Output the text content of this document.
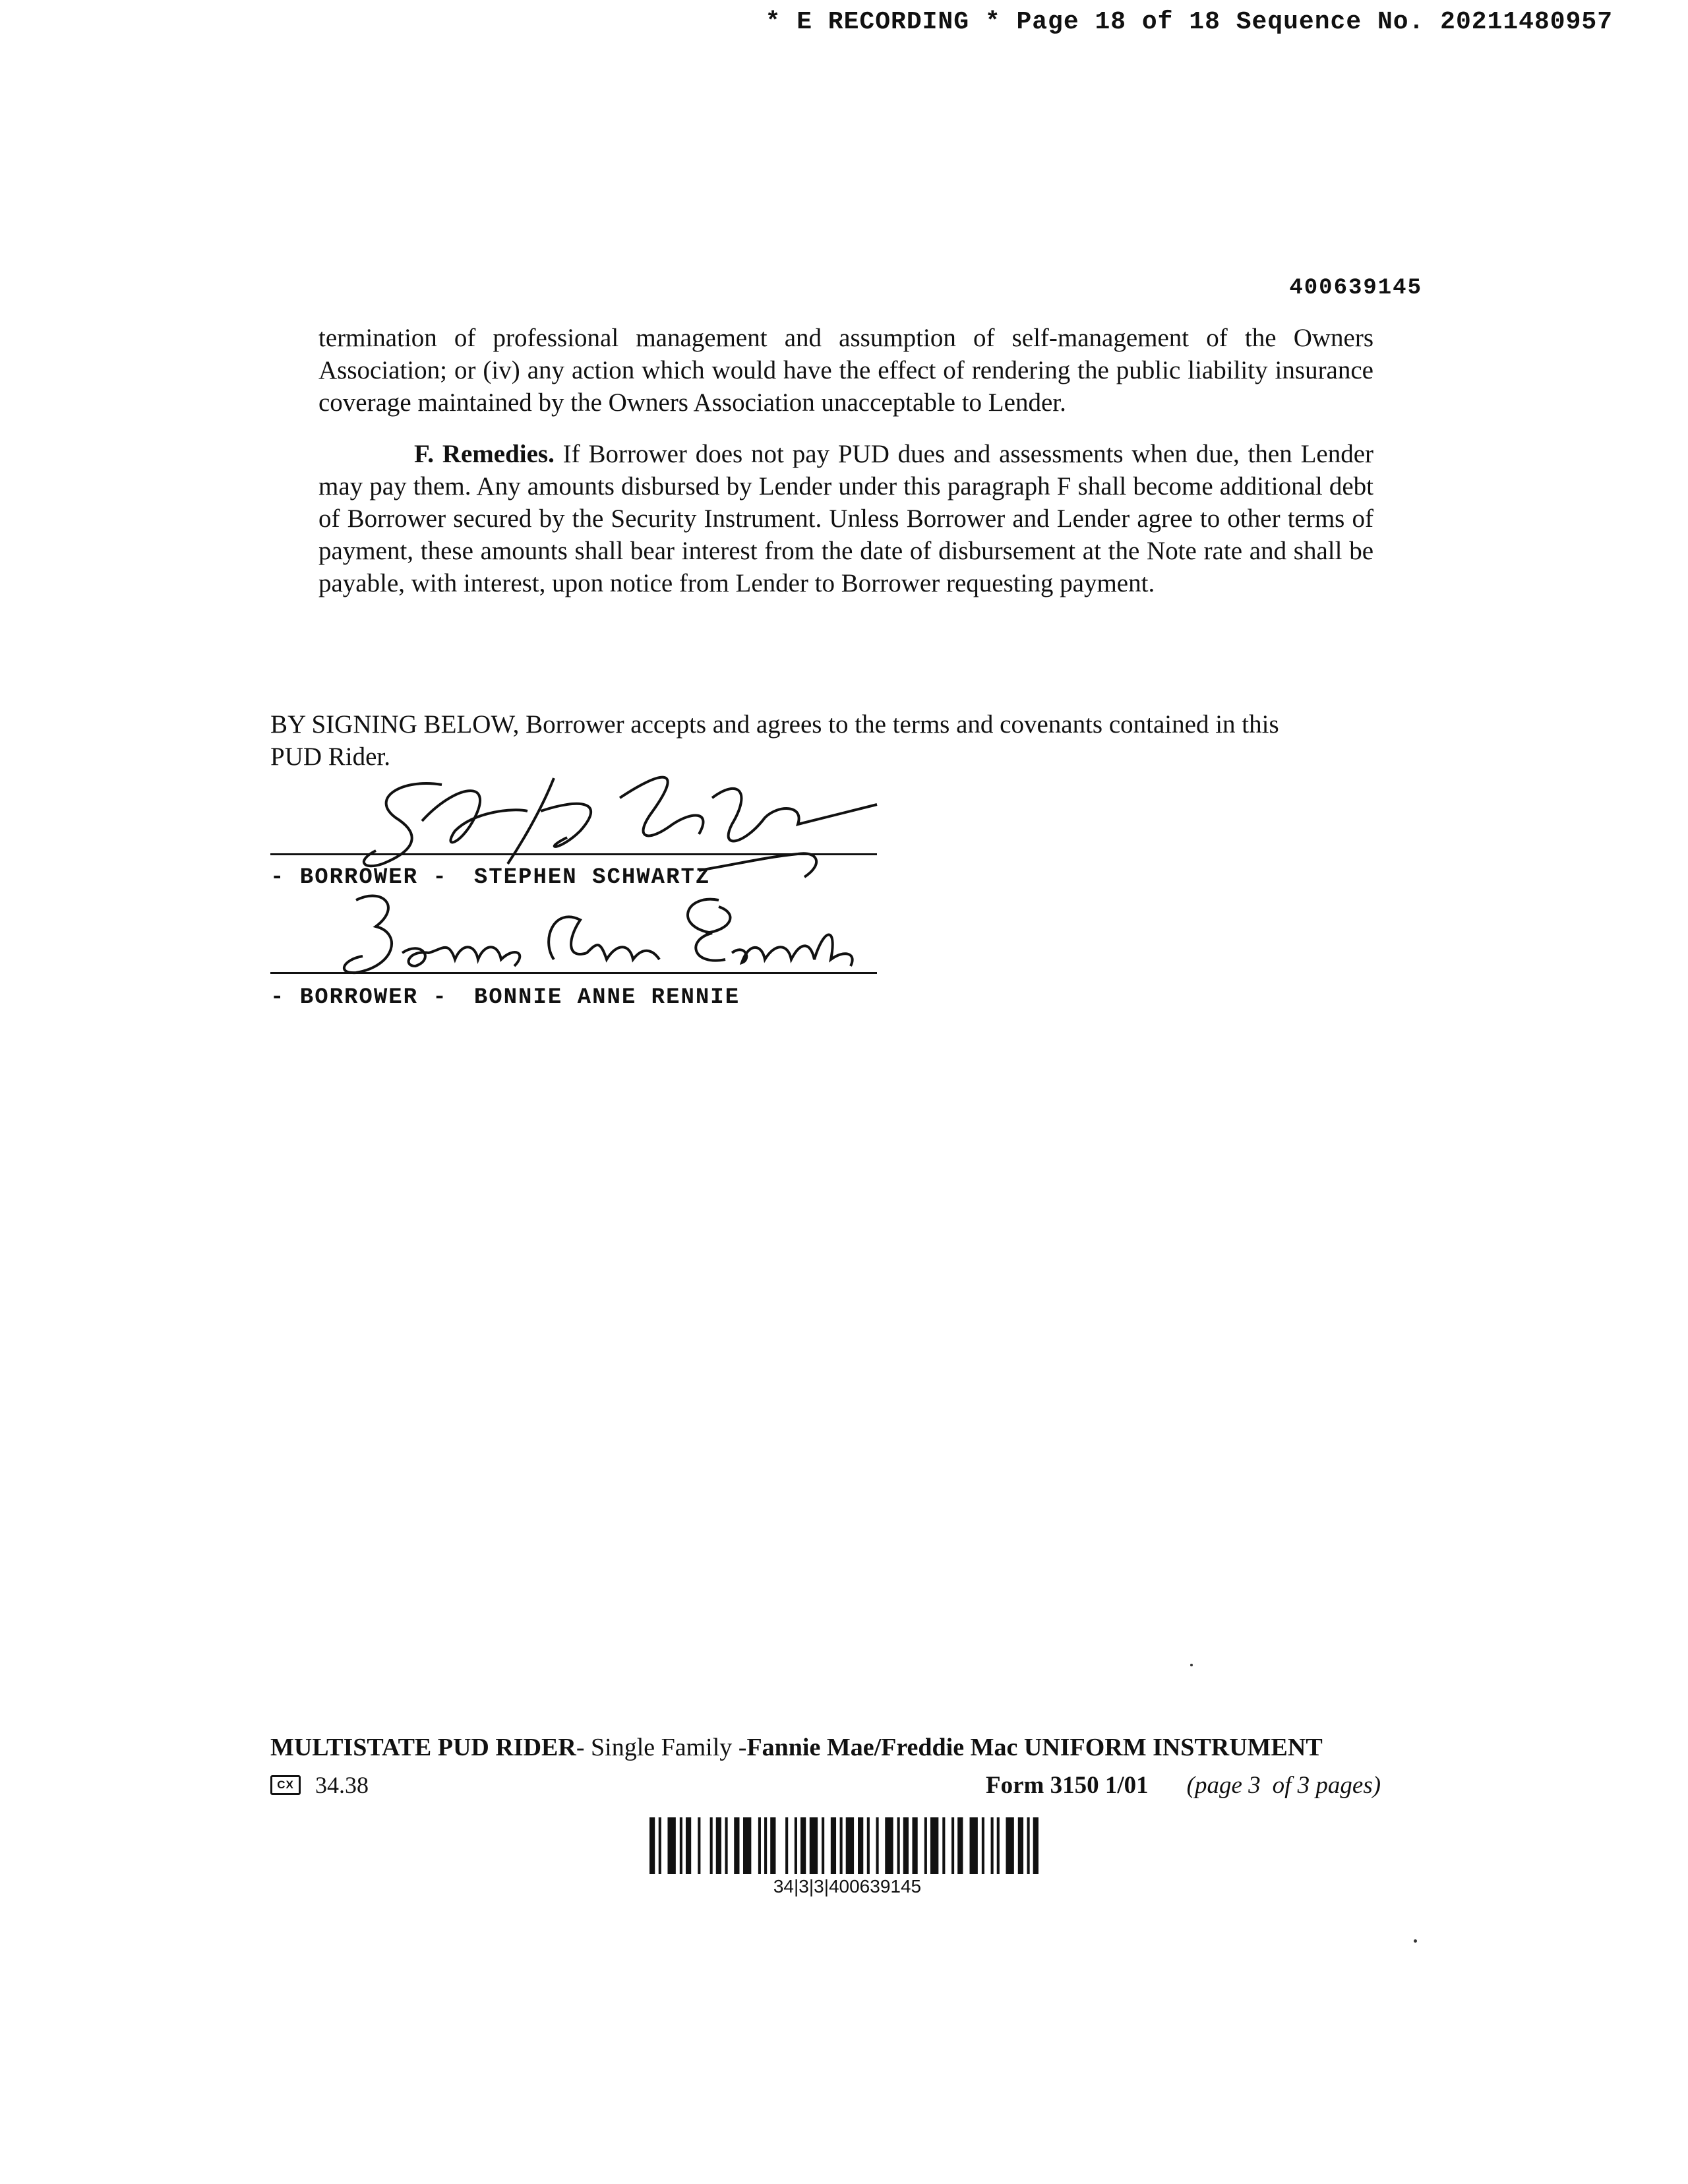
* E RECORDING * Page 18 of 18 Sequence No. 20211480957
400639145
termination of professional management and assumption of self-management of the Owners Association; or (iv) any action which would have the effect of rendering the public liability insurance coverage maintained by the Owners Association unacceptable to Lender.
F. Remedies. If Borrower does not pay PUD dues and assessments when due, then Lender may pay them. Any amounts disbursed by Lender under this paragraph F shall become additional debt of Borrower secured by the Security Instrument. Unless Borrower and Lender agree to other terms of payment, these amounts shall bear interest from the date of disbursement at the Note rate and shall be payable, with interest, upon notice from Lender to Borrower requesting payment.
BY SIGNING BELOW, Borrower accepts and agrees to the terms and covenants contained in this
PUD Rider.
- BORROWER - STEPHEN SCHWARTZ
- BORROWER - BONNIE ANNE RENNIE
MULTISTATE PUD RIDER- Single Family -Fannie Mae/Freddie Mac UNIFORM INSTRUMENT
CX 34.38	Form 3150 1/01 (page 3 of 3 pages)
34|3|3|400639145
